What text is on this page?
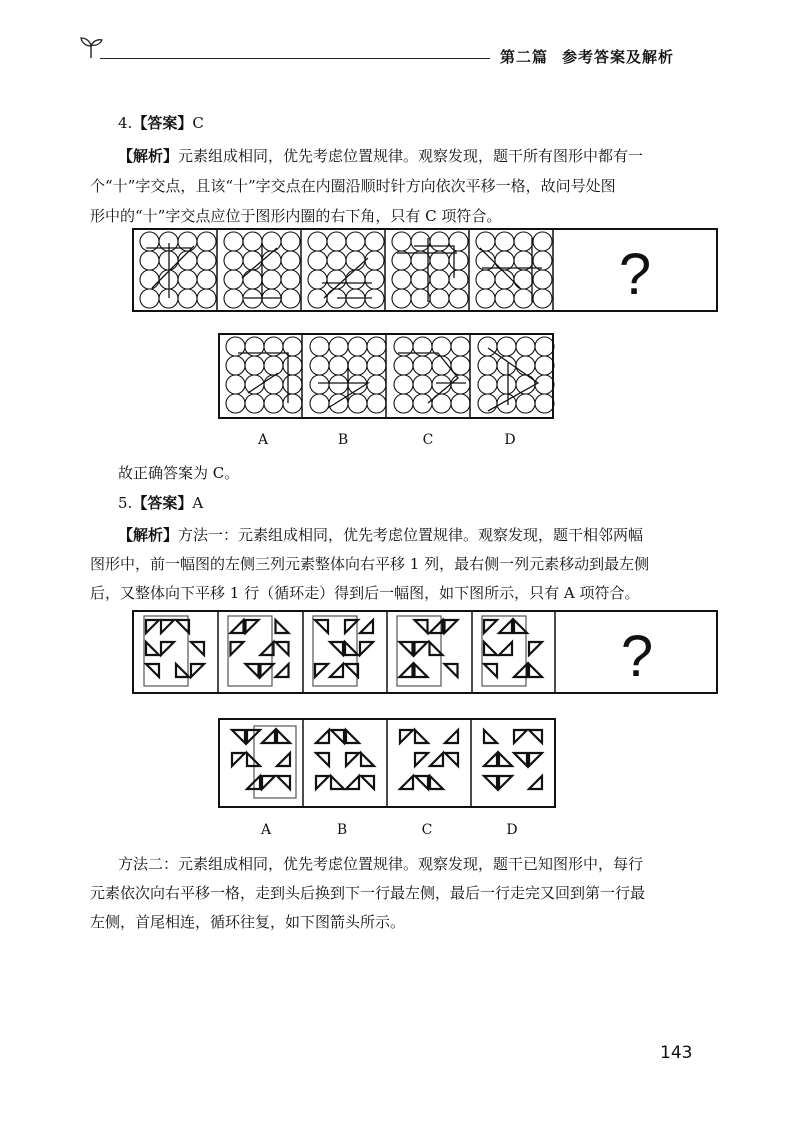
第二篇 参考答案及解析
4.【答案】C
【解析】元素组成相同，优先考虑位置规律。观察发现，题干所有图形中都有一
个“十”字交点，且该“十”字交点在内圈沿顺时针方向依次平移一格，故问号处图
形中的“十”字交点应位于图形内圈的右下角，只有 C 项符合。
?
A	B	C	D
故正确答案为 C。
5.【答案】A
【解析】方法一：元素组成相同，优先考虑位置规律。观察发现，题干相邻两幅
图形中，前一幅图的左侧三列元素整体向右平移 1 列，最右侧一列元素移动到最左侧
后，又整体向下平移 1 行（循环走）得到后一幅图，如下图所示，只有 A 项符合。
?
A	B	C	D
方法二：元素组成相同，优先考虑位置规律。观察发现，题干已知图形中，每行
元素依次向右平移一格，走到头后换到下一行最左侧，最后一行走完又回到第一行最
左侧，首尾相连，循环往复，如下图箭头所示。
143
